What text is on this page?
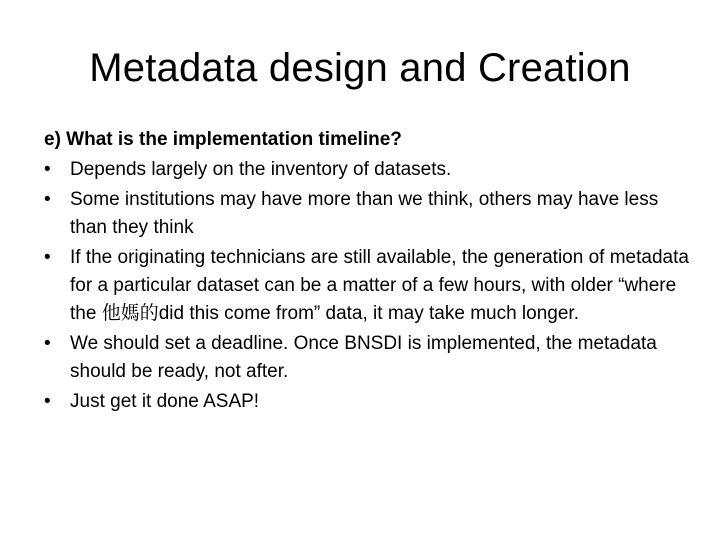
Metadata design and Creation
e) What is the implementation timeline?
•	Depends largely on the inventory of datasets.
•	Some institutions may have more than we think, others may have less than they think
•	If the originating technicians are still available, the generation of metadata for a particular dataset can be a matter of a few hours, with older “where the 他媽的did this come from” data, it may take much longer.
•	We should set a deadline. Once BNSDI is implemented, the metadata should be ready, not after.
•	Just get it done ASAP!
